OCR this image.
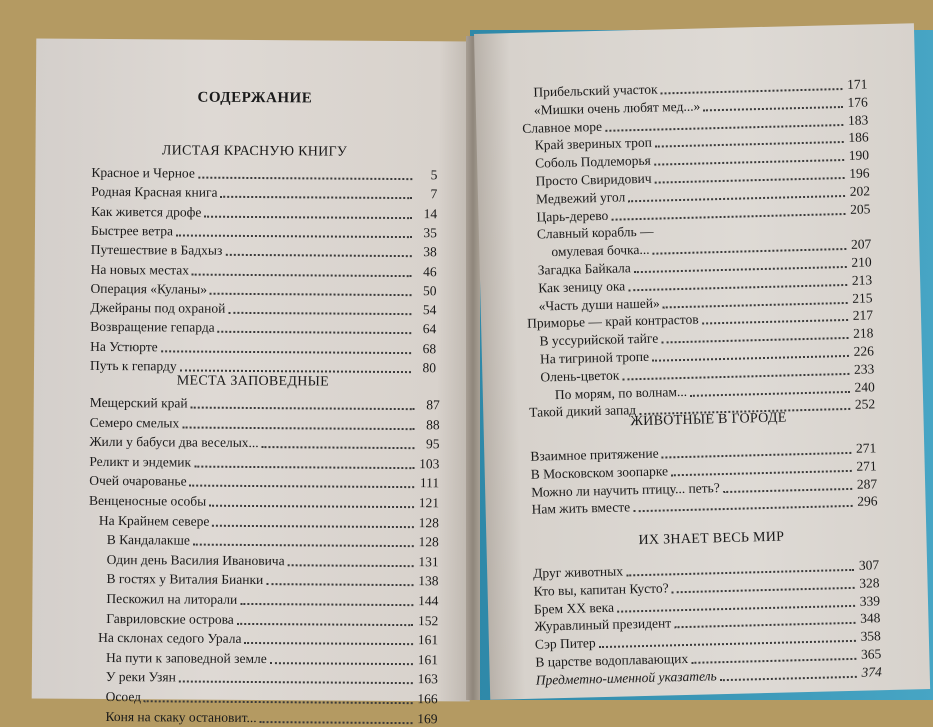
СОДЕРЖАНИЕ
ЛИСТАЯ КРАСНУЮ КНИГУ
Красное и Черное	5
Родная Красная книга	7
Как живется дрофе	14
Быстрее ветра	35
Путешествие в Бадхыз	38
На новых местах	46
Операция «Куланы»	50
Джейраны под охраной	54
Возвращение гепарда	64
На Устюрте	68
Путь к гепарду	80
МЕСТА ЗАПОВЕДНЫЕ
Мещерский край	87
Семеро смелых	88
Жили у бабуси два веселых...	95
Реликт и эндемик	103
Очей очарованье	111
Венценосные особы	121
На Крайнем севере	128
В Кандалакше	128
Один день Василия Ивановича	131
В гостях у Виталия Бианки	138
Пескожил на литорали	144
Гавриловские острова	152
На склонах седого Урала	161
На пути к заповедной земле	161
У реки Узян	163
Осоед	166
Коня на скаку остановит...	169
Прибельский участок	171
«Мишки очень любят мед...»	176
Славное море	183
Край звериных троп	186
Соболь Подлеморья	190
Просто Свиридович	196
Медвежий угол	202
Царь-дерево	205
Славный корабль —
омулевая бочка...	207
Загадка Байкала	210
Как зеницу ока	213
«Часть души нашей»	215
Приморье — край контрастов	217
В уссурийской тайге	218
На тигриной тропе	226
Олень-цветок	233
По морям, по волнам...	240
Такой дикий запад	252
ЖИВОТНЫЕ В ГОРОДЕ
Взаимное притяжение	271
В Московском зоопарке	271
Можно ли научить птицу... петь?	287
Нам жить вместе	296
ИХ ЗНАЕТ ВЕСЬ МИР
Друг животных	307
Кто вы, капитан Кусто?	328
Брем XX века	339
Журавлиный президент	348
Сэр Питер	358
В царстве водоплавающих	365
Предметно-именной указатель	374
